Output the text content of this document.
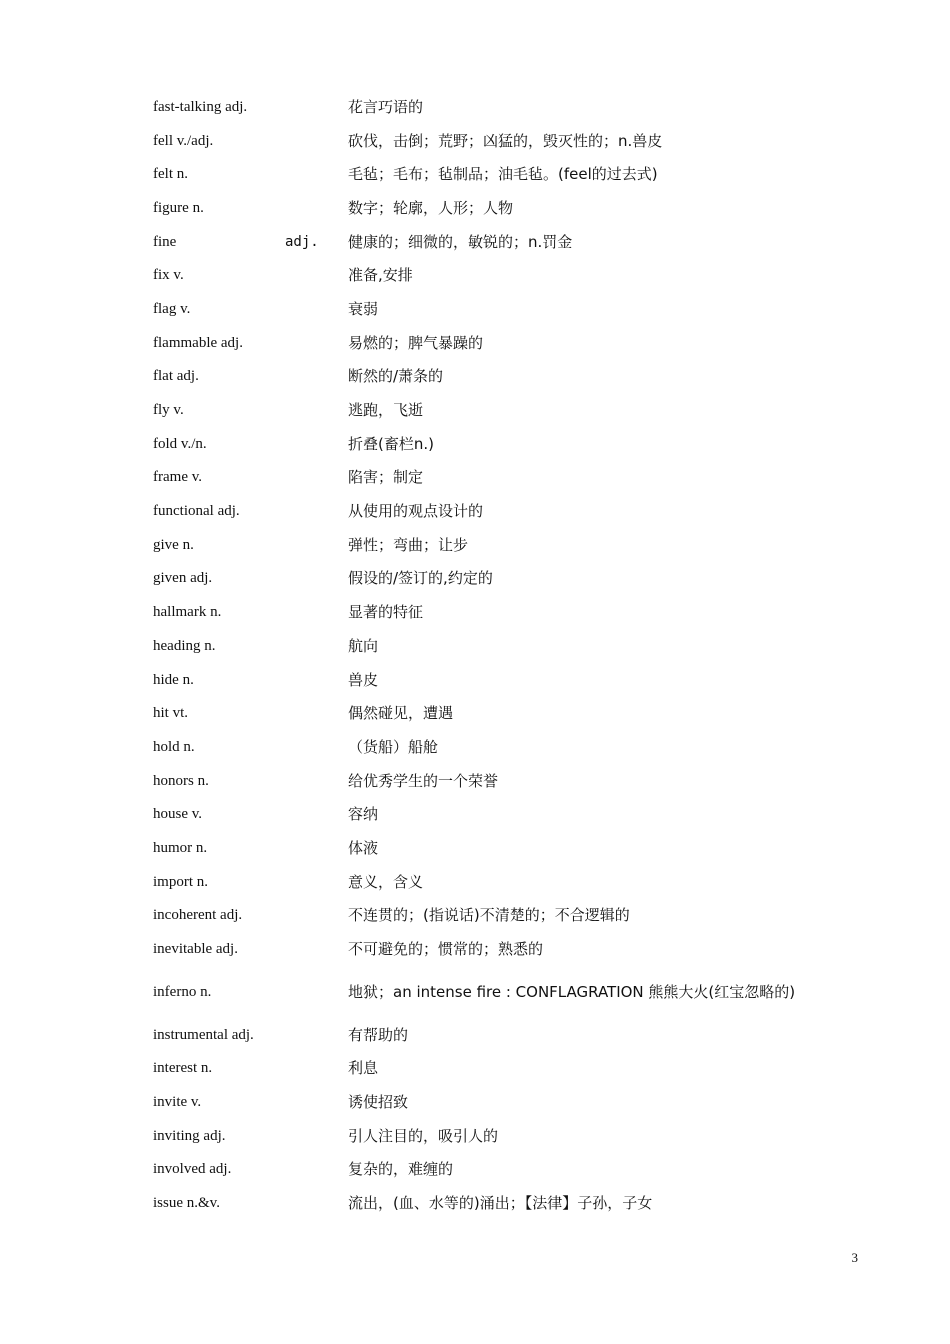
fast-talking adj.	花言巧语的
fell v./adj.	砍伐，击倒；荒野；凶猛的，毁灭性的；n.兽皮
felt n.	毛毡；毛布；毡制品；油毛毡。(feel的过去式)
figure n.	数字；轮廓，人形；人物
fine adj.	健康的；细微的，敏锐的；n.罚金
fix v.	准备,安排
flag v.	衰弱
flammable adj.	易燃的；脾气暴躁的
flat adj.	断然的/萧条的
fly v.	逃跑，飞逝
fold v./n.	折叠(畜栏n.)
frame v.	陷害；制定
functional adj.	从使用的观点设计的
give n.	弹性；弯曲；让步
given adj.	假设的/签订的,约定的
hallmark n.	显著的特征
heading n.	航向
hide n.	兽皮
hit vt.	偶然碰见，遭遇
hold n.	（货船）船舱
honors n.	给优秀学生的一个荣誉
house v.	容纳
humor n.	体液
import n.	意义，含义
incoherent adj.	不连贯的；(指说话)不清楚的；不合逻辑的
inevitable adj.	不可避免的；惯常的；熟悉的
inferno n.	地狱；an intense fire : CONFLAGRATION 熊熊大火(红宝忽略的)
instrumental adj.	有帮助的
interest n.	利息
invite v.	诱使招致
inviting adj.	引人注目的，吸引人的
involved adj.	复杂的，难缠的
issue n.&v.	流出，(血、水等的)涌出；【法律】子孙，子女
3
